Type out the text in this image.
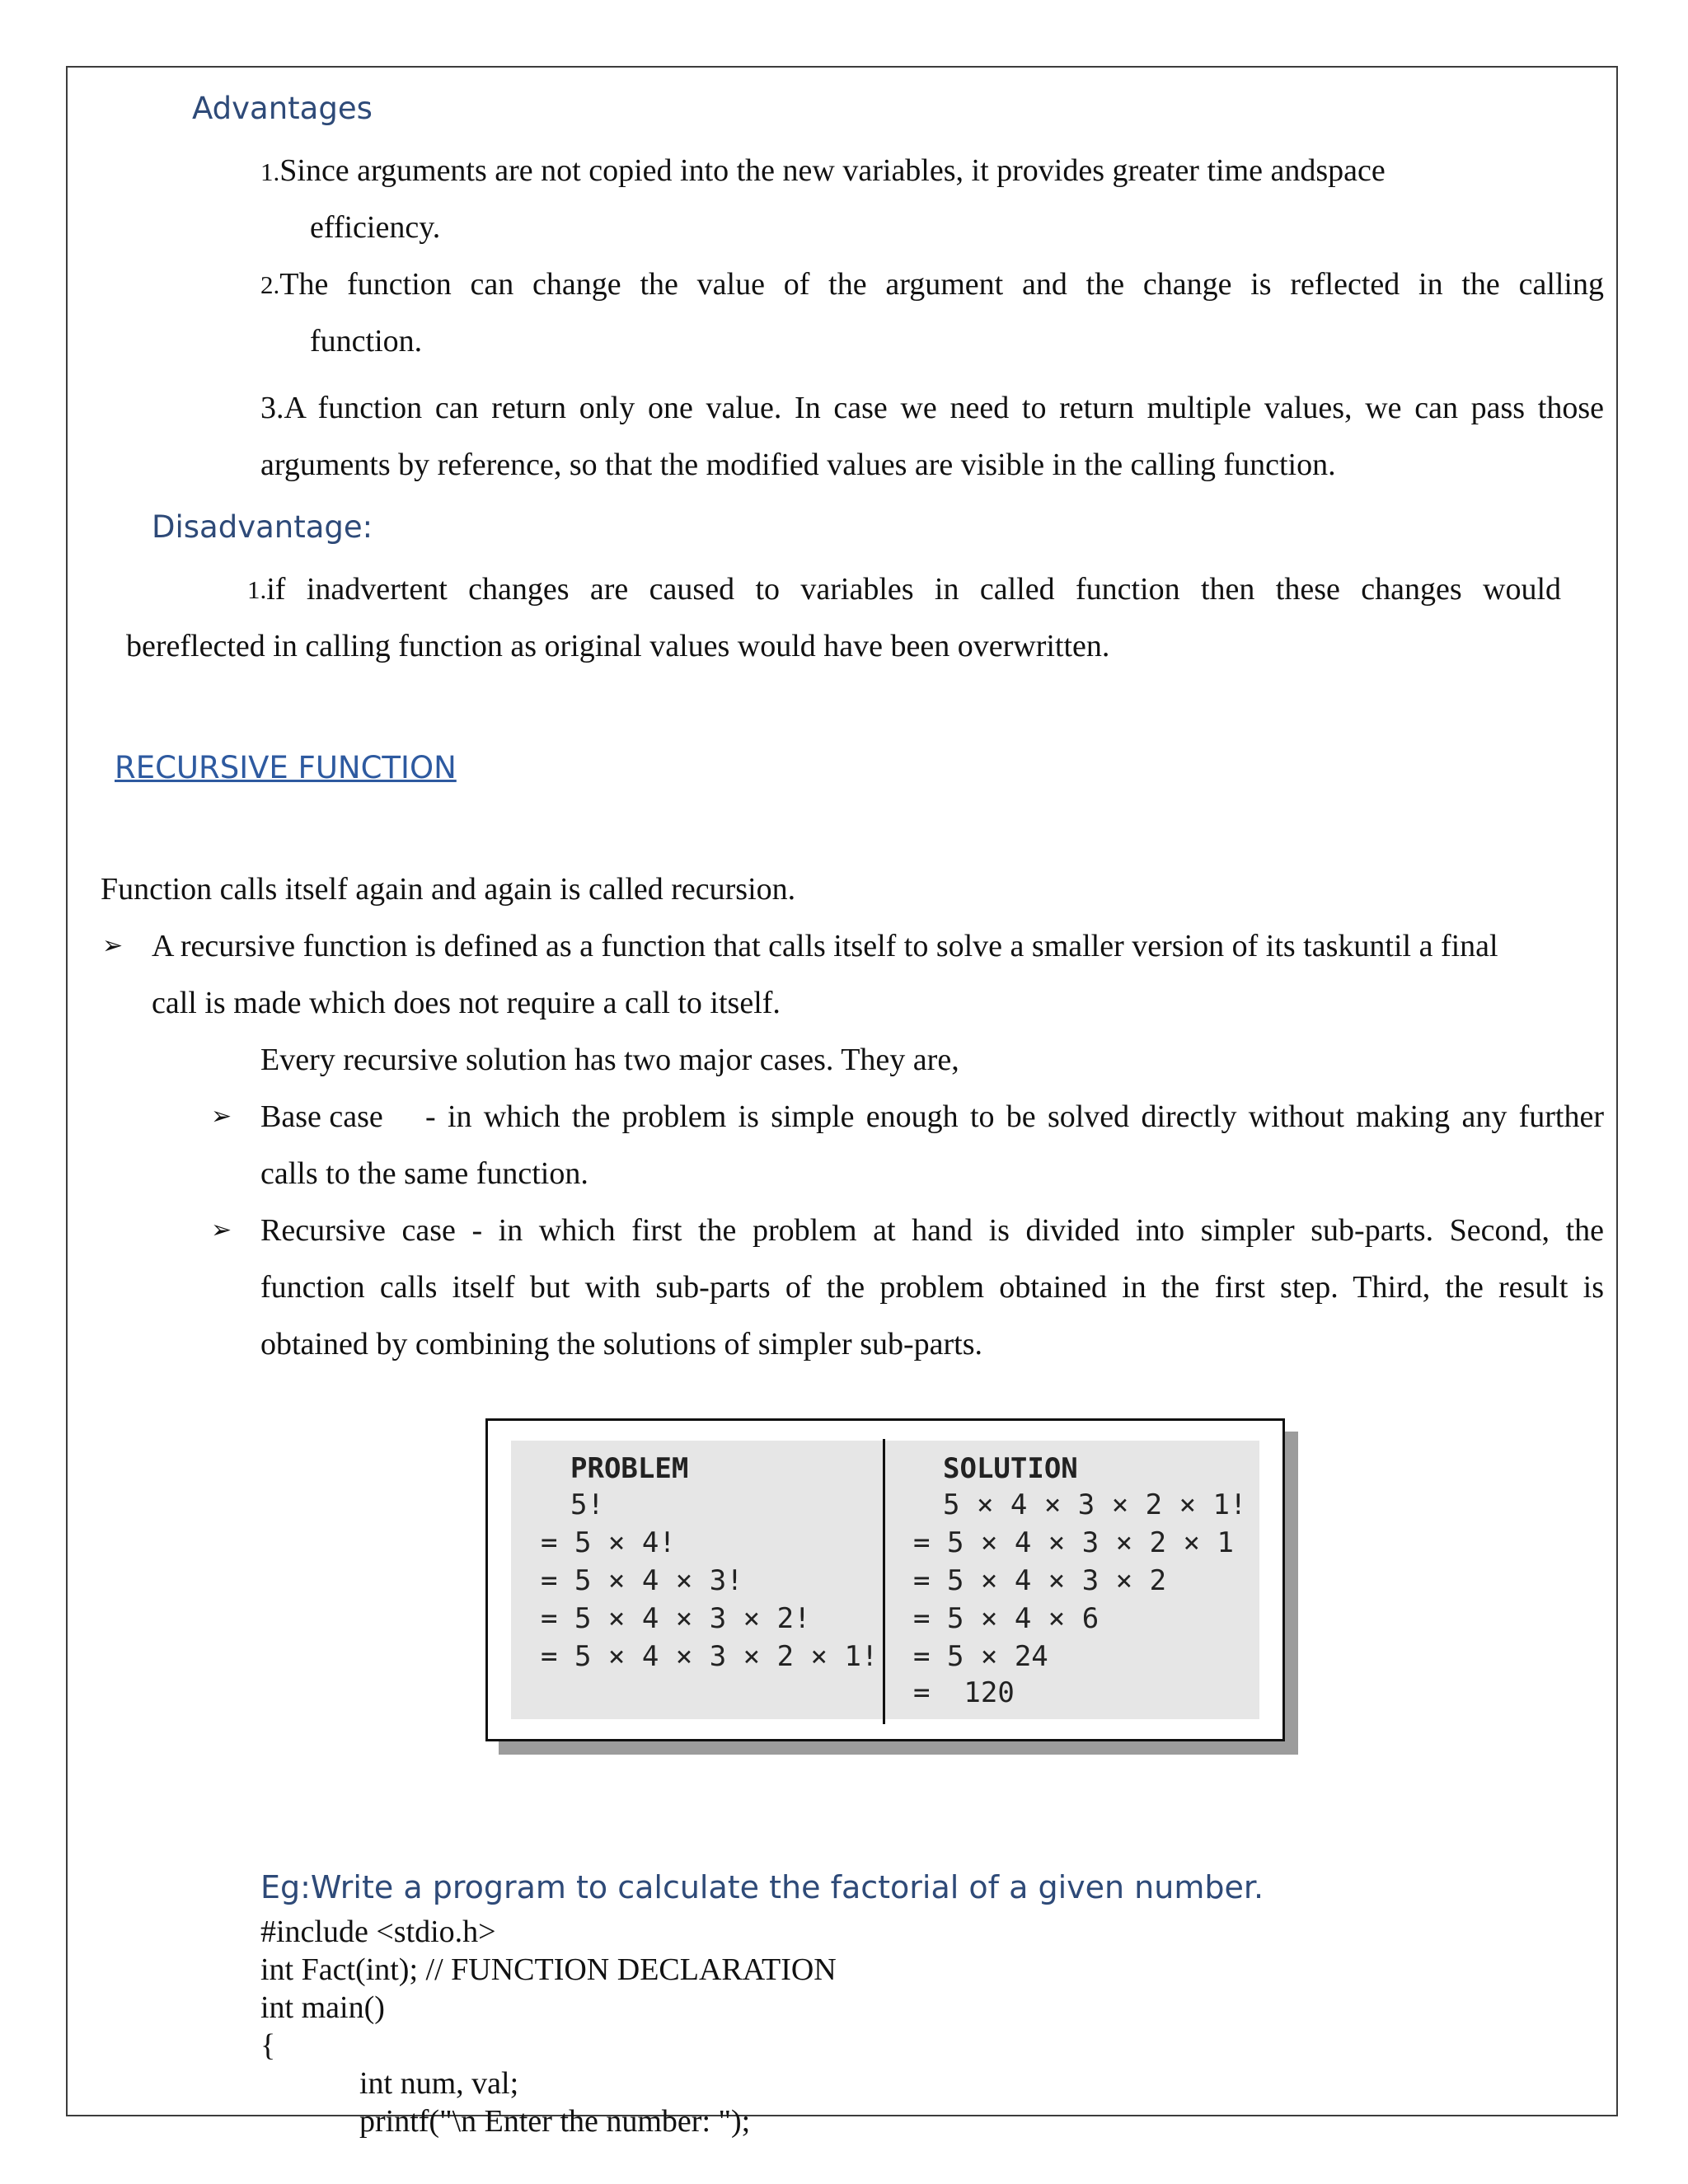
Advantages
1.Since arguments are not copied into the new variables, it provides greater time andspace
efficiency.
2. The function can change the value of the argument and the change is reflected in the calling
function.
3.A function can return only one value. In case we need to return multiple values, we can pass those
arguments by reference, so that the modified values are visible in the calling function.
Disadvantage:
1. if inadvertent changes are caused to variables in called function then these changes would
bereflected in calling function as original values would have been overwritten.
RECURSIVE FUNCTION
Function calls itself again and again is called recursion.
➢ A recursive function is defined as a function that calls itself to solve a smaller version of its taskuntil a final
call is made which does not require a call to itself.
Every recursive solution has two major cases. They are,
➢ Base case	- in which the problem is simple enough to be solved directly without making any further
calls to the same function.
➢ Recursive case - in which first the problem at hand is divided into simpler sub-parts. Second, the
function calls itself but with sub-parts of the problem obtained in the first step. Third, the result is
obtained by combining the solutions of simpler sub-parts.
PROBLEM
5!
= 5 × 4!
= 5 × 4 × 3!
= 5 × 4 × 3 × 2!
= 5 × 4 × 3 × 2 × 1!
SOLUTION
5 × 4 × 3 × 2 × 1!
= 5 × 4 × 3 × 2 × 1
= 5 × 4 × 3 × 2
= 5 × 4 × 6
= 5 × 24
=  120
Eg:Write a program to calculate the factorial of a given number.
#include <stdio.h>
int Fact(int); // FUNCTION DECLARATION
int main()
{
int num, val;
printf("\n Enter the number: ");
